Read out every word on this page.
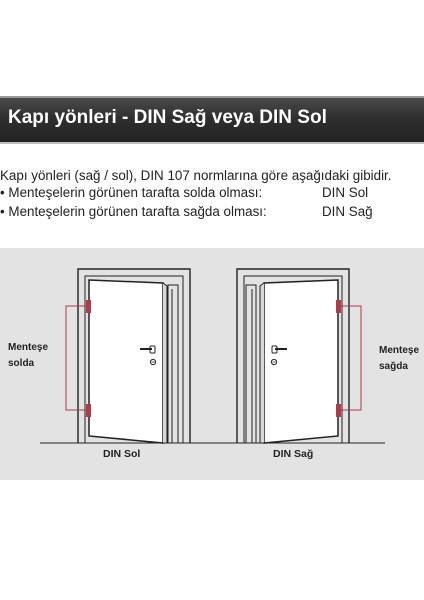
Kapı yönleri - DIN Sağ veya DIN Sol
Kapı yönleri (sağ / sol), DIN 107 normlarına göre aşağıdaki gibidir.
• Menteşelerin görünen tarafta solda olması:	DIN Sol
• Menteşelerin görünen tarafta sağda olması:	DIN Sağ
Menteşe
solda
Menteşe
sağda
DIN Sol	DIN Sağ
